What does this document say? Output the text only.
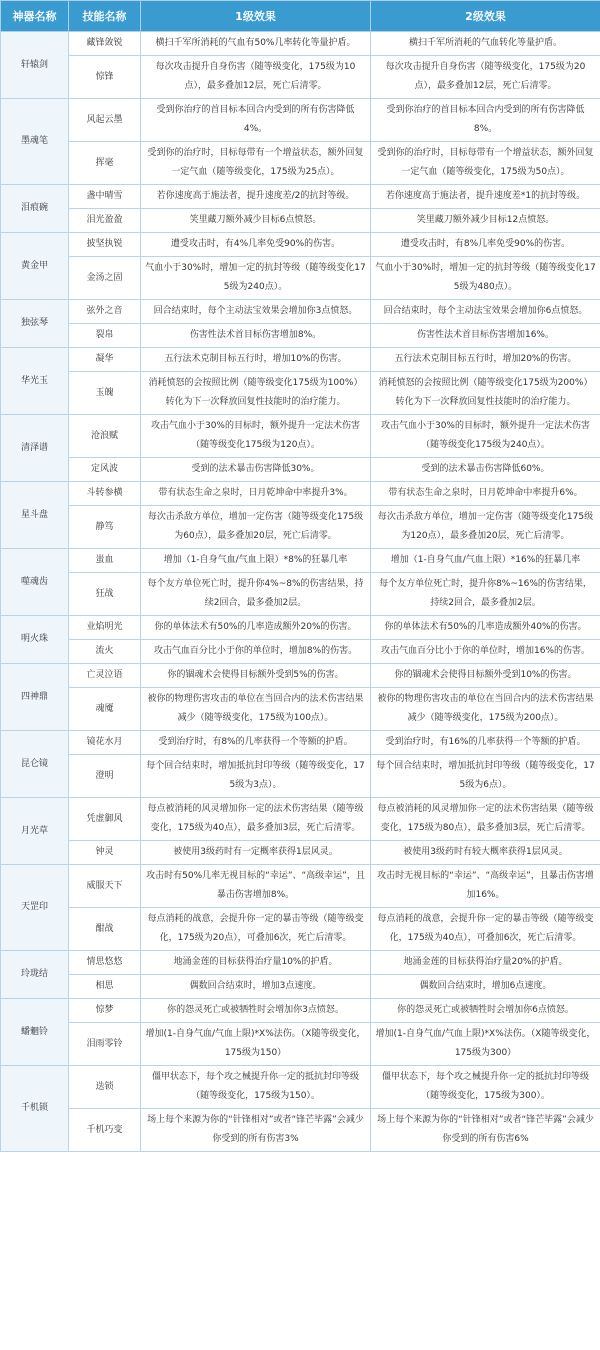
神器名称	技能名称	1级效果	2级效果
轩辕剑	藏锋敛锐	横扫千军所消耗的气血有50%几率转化等量护盾。	横扫千军所消耗的气血转化等量护盾。
	惊锋	每次攻击提升自身伤害（随等级变化，175级为10点），最多叠加12层，死亡后清零。	每次攻击提升自身伤害（随等级变化，175级为20点），最多叠加12层，死亡后清零。
墨魂笔	风起云墨	受到你治疗的首目标本回合内受到的所有伤害降低4%。	受到你治疗的首目标本回合内受到的所有伤害降低8%。
	挥毫	受到你的治疗时，目标每带有一个增益状态，额外回复一定气血（随等级变化，175级为25点）。	受到你的治疗时，目标每带有一个增益状态，额外回复一定气血（随等级变化，175级为50点）。
泪痕碗	盏中晴雪	若你速度高于施法者，提升速度差/2的抗封等级。	若你速度高于施法者，提升速度差*1的抗封等级。
	泪光盈盈	笑里藏刀额外减少目标6点愤怒。	笑里藏刀额外减少目标12点愤怒。
黄金甲	披坚执锐	遭受攻击时，有4%几率免受90%的伤害。	遭受攻击时，有8%几率免受90%的伤害。
	金汤之固	气血小于30%时，增加一定的抗封等级（随等级变化175级为240点）。	气血小于30%时，增加一定的抗封等级（随等级变化175级为480点）。
独弦琴	弦外之音	回合结束时，每个主动法宝效果会增加你3点愤怒。	回合结束时，每个主动法宝效果会增加你6点愤怒。
	裂帛	伤害性法术首目标伤害增加8%。	伤害性法术首目标伤害增加16%。
华光玉	凝华	五行法术克制目标五行时，增加10%的伤害。	五行法术克制目标五行时，增加20%的伤害。
	玉魄	消耗愤怒的会按照比例（随等级变化175级为100%）转化为下一次释放回复性技能时的治疗能力。	消耗愤怒的会按照比例（随等级变化175级为200%）转化为下一次释放回复性技能时的治疗能力。
清泽谱	沧浪赋	攻击气血小于30%的目标时，额外提升一定法术伤害（随等级变化175级为120点）。	攻击气血小于30%的目标时，额外提升一定法术伤害（随等级变化175级为240点）。
	定风波	受到的法术暴击伤害降低30%。	受到的法术暴击伤害降低60%。
星斗盘	斗转参横	带有状态生命之泉时，日月乾坤命中率提升3%。	带有状态生命之泉时，日月乾坤命中率提升6%。
	静笃	每次击杀敌方单位，增加一定伤害（随等级变化175级为60点），最多叠加20层，死亡后清零。	每次击杀敌方单位，增加一定伤害（随等级变化175级为120点），最多叠加20层，死亡后清零。
噬魂齿	蚩血	增加（1-自身气血/气血上限）*8%的狂暴几率	增加（1-自身气血/气血上限）*16%的狂暴几率
	狂战	每个友方单位死亡时，提升你4%~8%的伤害结果，持续2回合，最多叠加2层。	每个友方单位死亡时，提升你8%~16%的伤害结果，持续2回合，最多叠加2层。
明火珠	业焰明光	你的单体法术有50%的几率造成额外20%的伤害。	你的单体法术有50%的几率造成额外40%的伤害。
	流火	攻击气血百分比小于你的单位时，增加8%的伤害。	攻击气血百分比小于你的单位时，增加16%的伤害。
四神鼎	亡灵泣语	你的锢魂术会使得目标额外受到5%的伤害。	你的锢魂术会使得目标额外受到10%的伤害。
	魂魇	被你的物理伤害攻击的单位在当回合内的法术伤害结果减少（随等级变化，175级为100点）。	被你的物理伤害攻击的单位在当回合内的法术伤害结果减少（随等级变化，175级为200点）。
昆仑镜	镜花水月	受到治疗时，有8%的几率获得一个等额的护盾。	受到治疗时，有16%的几率获得一个等额的护盾。
	澄明	每个回合结束时，增加抵抗封印等级（随等级变化，175级为3点）。	每个回合结束时，增加抵抗封印等级（随等级变化，175级为6点）。
月光草	凭虚御风	每点被消耗的风灵增加你一定的法术伤害结果（随等级变化，175级为40点），最多叠加3层，死亡后清零。	每点被消耗的风灵增加你一定的法术伤害结果（随等级变化，175级为80点），最多叠加3层，死亡后清零。
	钟灵	被使用3级药时有一定概率获得1层风灵。	被使用3级药时有较大概率获得1层风灵。
天罡印	威服天下	攻击时有50%几率无视目标的“幸运”、“高级幸运”，且暴击伤害增加8%。	攻击时无视目标的“幸运”、“高级幸运”，且暴击伤害增加16%。
	酣战	每点消耗的战意，会提升你一定的暴击等级（随等级变化，175级为20点），可叠加6次，死亡后清零。	每点消耗的战意，会提升你一定的暴击等级（随等级变化，175级为40点），可叠加6次，死亡后清零。
玲珑结	情思悠悠	地涌金莲的目标获得治疗量10%的护盾。	地涌金莲的目标获得治疗量20%的护盾。
	相思	偶数回合结束时，增加3点速度。	偶数回合结束时，增加6点速度。
蟠魍铃	惊梦	你的怨灵死亡或被牺牲时会增加你3点愤怒。	你的怨灵死亡或被牺牲时会增加你6点愤怒。
	泪雨零铃	增加(1-自身气血/气血上限)*X%法伤。（X随等级变化，175级为150）	增加(1-自身气血/气血上限)*X%法伤。（X随等级变化，175级为300）
千机锁	迭锁	僵甲状态下，每个攻之械提升你一定的抵抗封印等级（随等级变化，175级为150）。	僵甲状态下，每个攻之械提升你一定的抵抗封印等级（随等级变化，175级为300）。
	千机巧变	场上每个来源为你的“针锋相对”或者“锋芒毕露”会减少你受到的所有伤害3%	场上每个来源为你的“针锋相对”或者“锋芒毕露”会减少你受到的所有伤害6%
